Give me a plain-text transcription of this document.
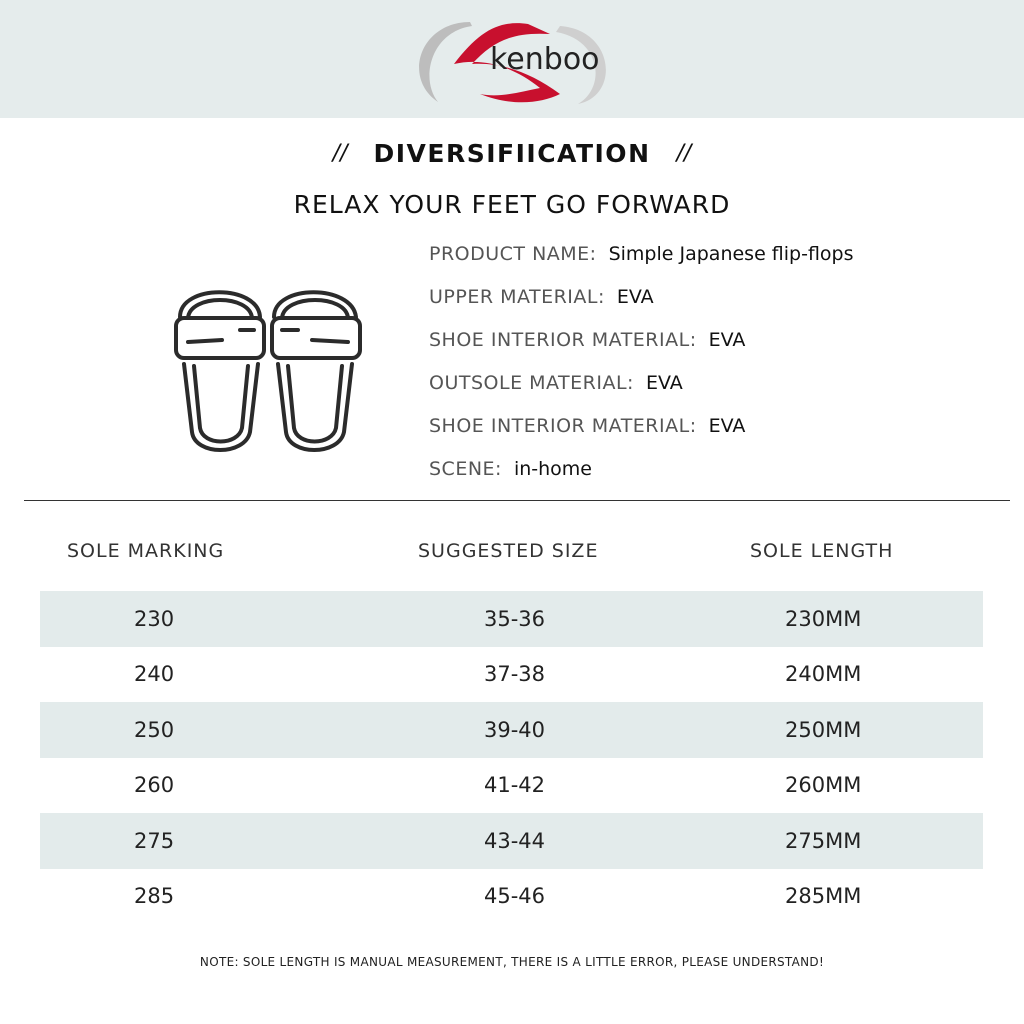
kenboo
// DIVERSIFIICATION //
RELAX YOUR FEET GO FORWARD
PRODUCT NAME: Simple Japanese flip-flops
UPPER MATERIAL: EVA
SHOE INTERIOR MATERIAL: EVA
OUTSOLE MATERIAL: EVA
SHOE INTERIOR MATERIAL: EVA
SCENE: in-home
SOLE MARKING	SUGGESTED SIZE	SOLE LENGTH
230	35-36	230MM
240	37-38	240MM
250	39-40	250MM
260	41-42	260MM
275	43-44	275MM
285	45-46	285MM
NOTE: SOLE LENGTH IS MANUAL MEASUREMENT, THERE IS A LITTLE ERROR, PLEASE UNDERSTAND!
